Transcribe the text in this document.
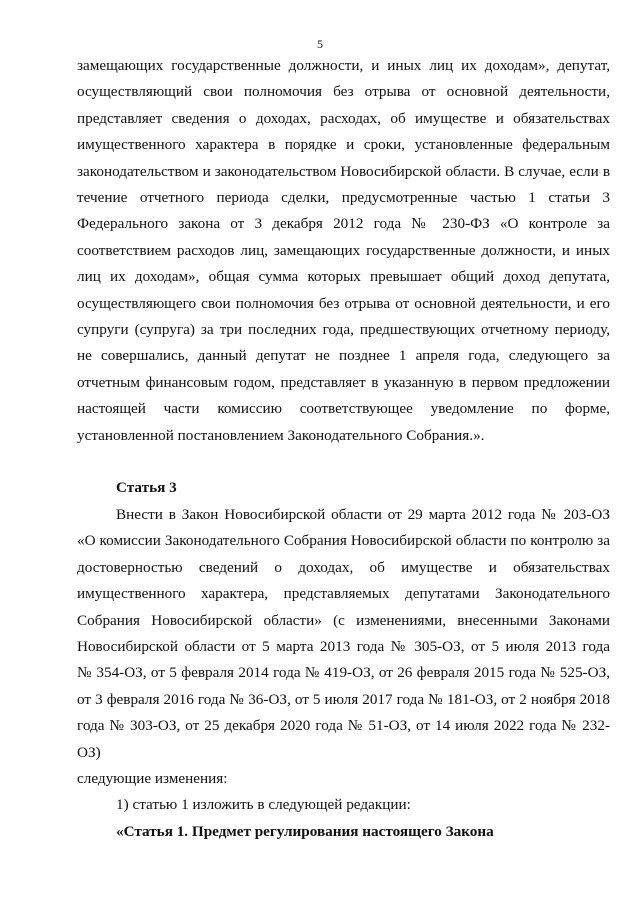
5
замещающих государственные должности, и иных лиц их доходам», депутат,
осуществляющий свои полномочия без отрыва от основной деятельности,
представляет сведения о доходах, расходах, об имуществе и обязательствах
имущественного характера в порядке и сроки, установленные федеральным
законодательством и законодательством Новосибирской области. В случае, если в
течение отчетного периода сделки, предусмотренные частью 1 статьи 3
Федерального закона от 3 декабря 2012 года № 230-ФЗ «О контроле за
соответствием расходов лиц, замещающих государственные должности, и иных
лиц их доходам», общая сумма которых превышает общий доход депутата,
осуществляющего свои полномочия без отрыва от основной деятельности, и его
супруги (супруга) за три последних года, предшествующих отчетному периоду,
не совершались, данный депутат не позднее 1 апреля года, следующего за
отчетным финансовым годом, представляет в указанную в первом предложении
настоящей части комиссию соответствующее уведомление по форме,
установленной постановлением Законодательного Собрания.».
Статья 3
Внести в Закон Новосибирской области от 29 марта 2012 года № 203-ОЗ
«О комиссии Законодательного Собрания Новосибирской области по контролю за
достоверностью сведений о доходах, об имуществе и обязательствах
имущественного характера, представляемых депутатами Законодательного
Собрания Новосибирской области» (с изменениями, внесенными Законами
Новосибирской области от 5 марта 2013 года № 305-ОЗ, от 5 июля 2013 года
№ 354-ОЗ, от 5 февраля 2014 года № 419-ОЗ, от 26 февраля 2015 года № 525-ОЗ,
от 3 февраля 2016 года № 36-ОЗ, от 5 июля 2017 года № 181-ОЗ, от 2 ноября 2018
года № 303-ОЗ, от 25 декабря 2020 года № 51-ОЗ, от 14 июля 2022 года № 232-ОЗ)
следующие изменения:
1) статью 1 изложить в следующей редакции:
«Статья 1. Предмет регулирования настоящего Закона
